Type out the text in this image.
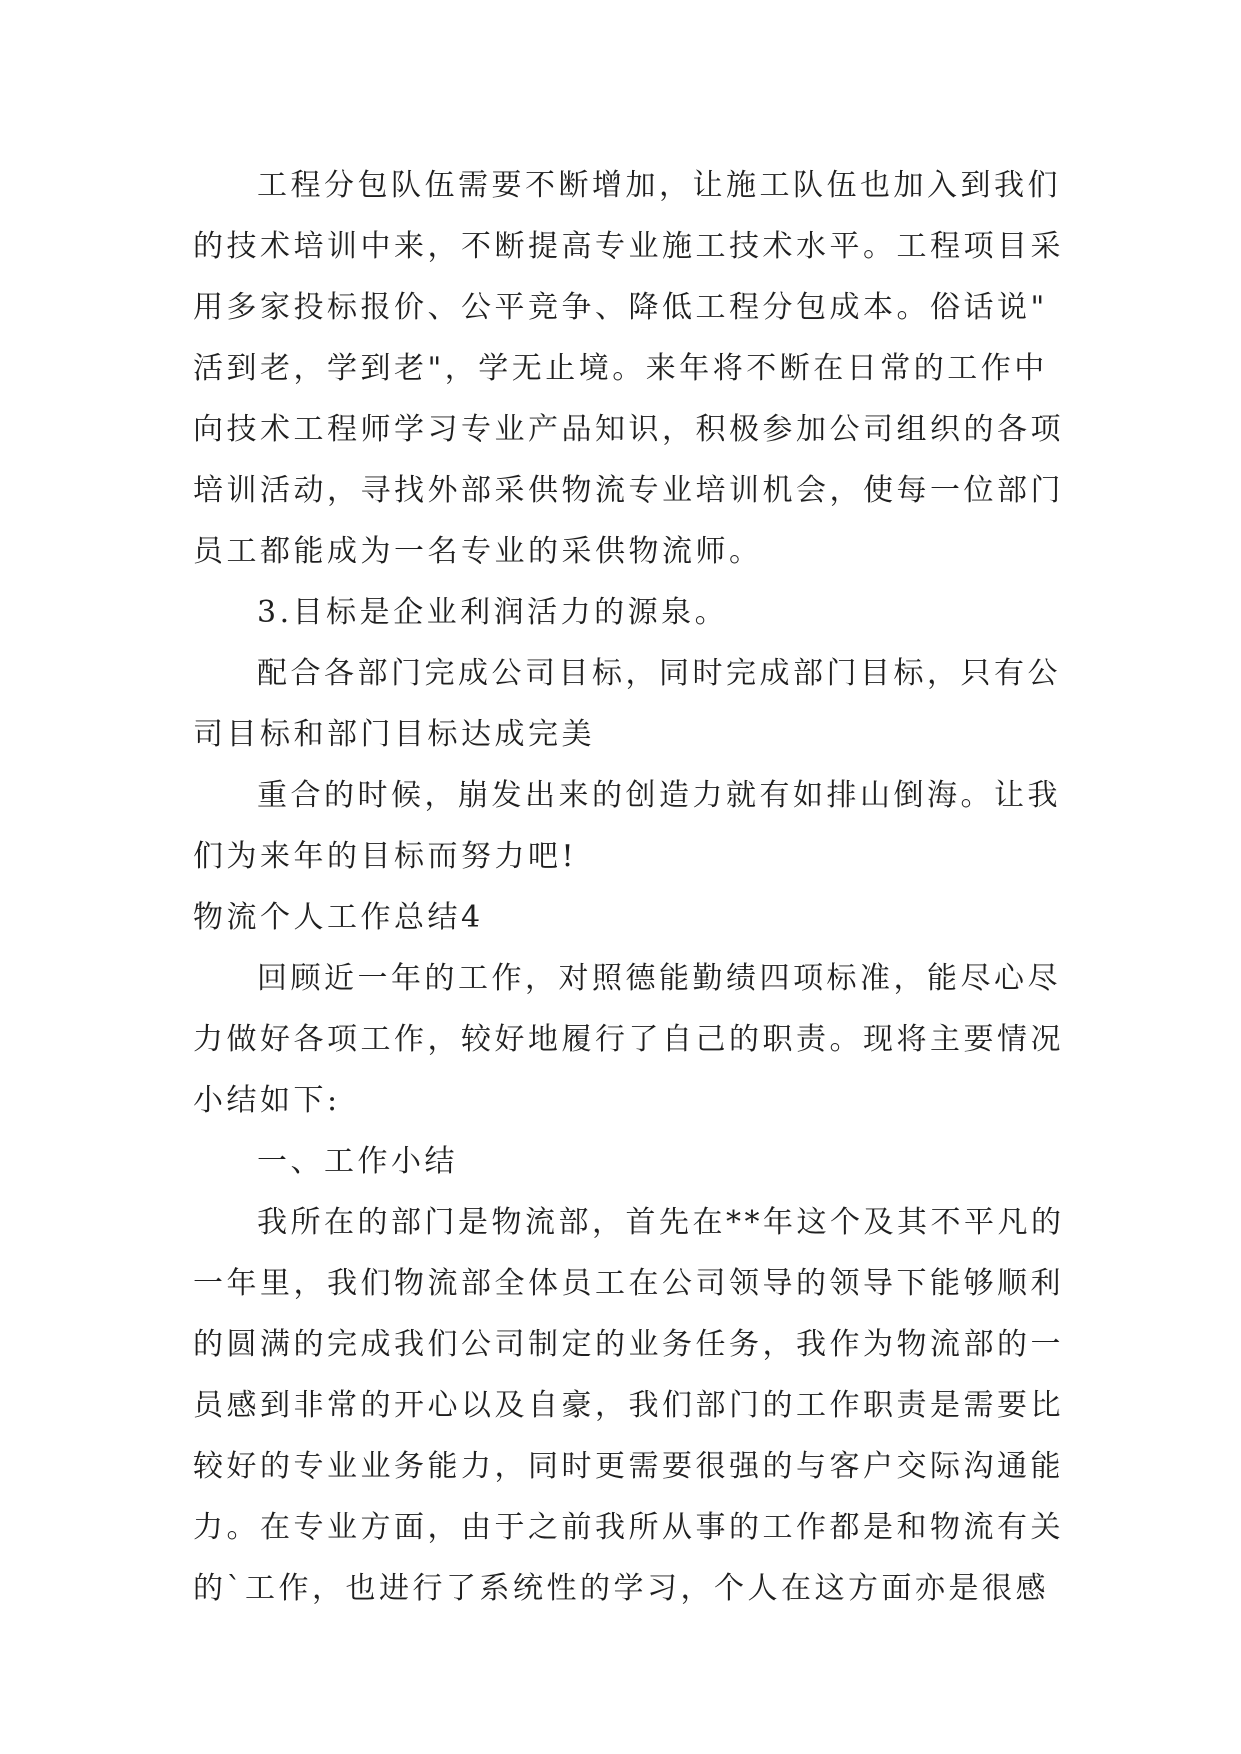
工程分包队伍需要不断增加，让施工队伍也加入到我们
的技术培训中来，不断提高专业施工技术水平。工程项目采
用多家投标报价、公平竞争、降低工程分包成本。俗话说"
活到老，学到老"，学无止境。来年将不断在日常的工作中
向技术工程师学习专业产品知识，积极参加公司组织的各项
培训活动，寻找外部采供物流专业培训机会，使每一位部门
员工都能成为一名专业的采供物流师。
3.目标是企业利润活力的源泉。
配合各部门完成公司目标，同时完成部门目标，只有公
司目标和部门目标达成完美
重合的时候，崩发出来的创造力就有如排山倒海。让我
们为来年的目标而努力吧!
物流个人工作总结4
回顾近一年的工作，对照德能勤绩四项标准，能尽心尽
力做好各项工作，较好地履行了自己的职责。现将主要情况
小结如下:
一、工作小结
我所在的部门是物流部，首先在**年这个及其不平凡的
一年里，我们物流部全体员工在公司领导的领导下能够顺利
的圆满的完成我们公司制定的业务任务，我作为物流部的一
员感到非常的开心以及自豪，我们部门的工作职责是需要比
较好的专业业务能力，同时更需要很强的与客户交际沟通能
力。在专业方面，由于之前我所从事的工作都是和物流有关
的`工作，也进行了系统性的学习，个人在这方面亦是很感
